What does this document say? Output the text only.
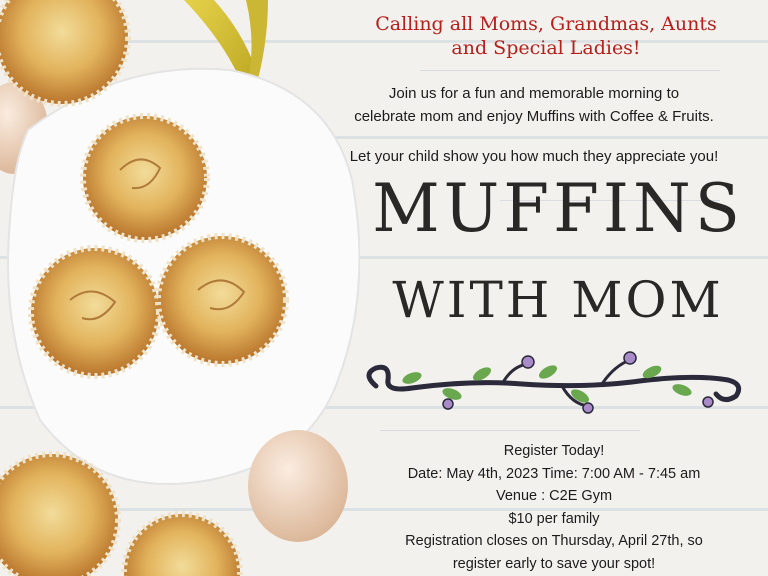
Calling all Moms, Grandmas, Aunts
and Special Ladies!
Join us for a fun and memorable morning to
celebrate mom and enjoy Muffins with Coffee & Fruits.
Let your child show you how much they appreciate you!
MUFFINS
WITH MOM
Register Today!
Date: May 4th, 2023 Time: 7:00 AM - 7:45 am
Venue : C2E Gym
$10 per family
Registration closes on Thursday, April 27th, so
register early to save your spot!
